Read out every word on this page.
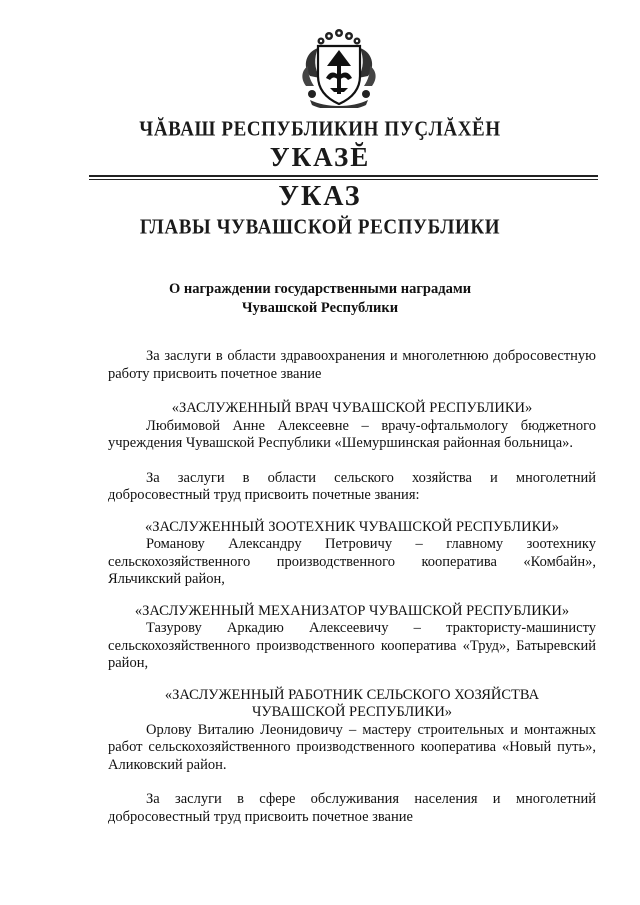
ЧĂВАШ РЕСПУБЛИКИН ПУҪЛĂХĔН
УКАЗĔ
УКАЗ
ГЛАВЫ ЧУВАШСКОЙ РЕСПУБЛИКИ
О награждении государственными наградами
Чувашской Республики

За заслуги в области здравоохранения и многолетнюю добросовестную работу присвоить почетное звание

«ЗАСЛУЖЕННЫЙ ВРАЧ ЧУВАШСКОЙ РЕСПУБЛИКИ»

Любимовой Анне Алексеевне – врачу-офтальмологу бюджетного учреждения Чувашской Республики «Шемуршинская районная больница».

За заслуги в области сельского хозяйства и многолетний добросовестный труд присвоить почетные звания:

«ЗАСЛУЖЕННЫЙ ЗООТЕХНИК ЧУВАШСКОЙ РЕСПУБЛИКИ»

Романову Александру Петровичу – главному зоотехнику сельскохозяйственного производственного кооператива «Комбайн», Яльчикский район,

«ЗАСЛУЖЕННЫЙ МЕХАНИЗАТОР ЧУВАШСКОЙ РЕСПУБЛИКИ»

Тазурову Аркадию Алексеевичу – трактористу-машинисту сельскохозяйственного производственного кооператива «Труд», Батыревский район,

«ЗАСЛУЖЕННЫЙ РАБОТНИК СЕЛЬСКОГО ХОЗЯЙСТВА

ЧУВАШСКОЙ РЕСПУБЛИКИ»

Орлову Виталию Леонидовичу – мастеру строительных и монтажных работ сельскохозяйственного производственного кооператива «Новый путь», Аликовский район.

За заслуги в сфере обслуживания населения и многолетний добросовестный труд присвоить почетное звание
